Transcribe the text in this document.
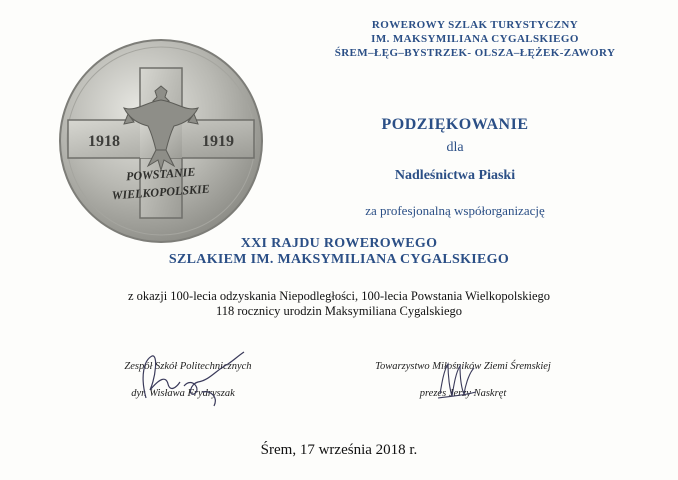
1918	1919
POWSTANIE
WIELKOPOLSKIE
ROWEROWY SZLAK TURYSTYCZNY
IM. MAKSYMILIANA CYGALSKIEGO
ŚREM–ŁĘG–BYSTRZEK- OLSZA–ŁĘŻEK-ZAWORY
PODZIĘKOWANIE
dla
Nadleśnictwa Piaski
za profesjonalną współorganizację
XXI RAJDU ROWEROWEGO
SZLAKIEM IM. MAKSYMILIANA CYGALSKIEGO
z okazji 100-lecia odzyskania Niepodległości, 100-lecia Powstania Wielkopolskiego
118 rocznicy urodzin Maksymiliana Cygalskiego
Zespół Szkół Politechnicznych
dyr. Wisława Frydryszak
Towarzystwo Miłośników Ziemi Śremskiej
prezes Jerzy Naskręt
Śrem, 17 września 2018 r.
